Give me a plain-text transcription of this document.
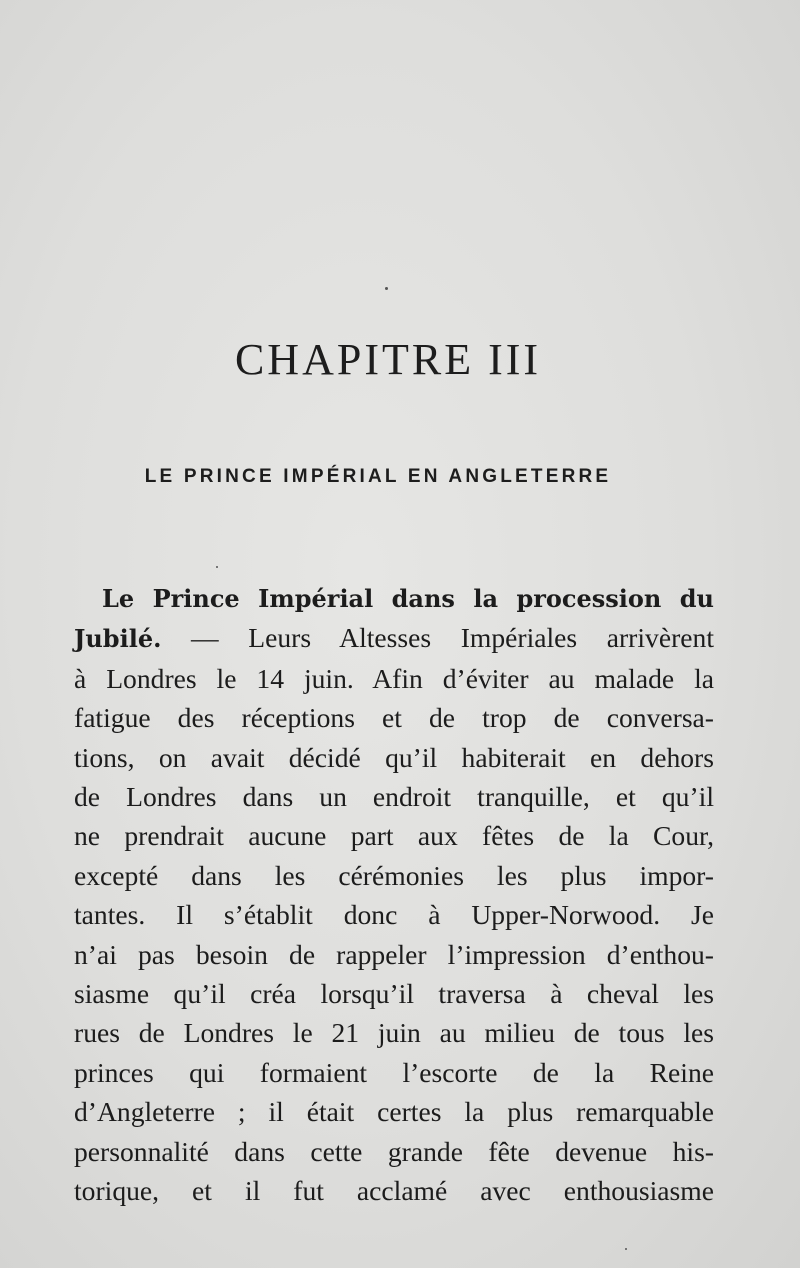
CHAPITRE III
LE PRINCE IMPÉRIAL EN ANGLETERRE
Le Prince Impérial dans la procession du
Jubilé. — Leurs Altesses Impériales arrivèrent
à Londres le 14 juin. Afin d’éviter au malade la
fatigue des réceptions et de trop de conversa-
tions, on avait décidé qu’il habiterait en dehors
de Londres dans un endroit tranquille, et qu’il
ne prendrait aucune part aux fêtes de la Cour,
excepté dans les cérémonies les plus impor-
tantes. Il s’établit donc à Upper-Norwood. Je
n’ai pas besoin de rappeler l’impression d’enthou-
siasme qu’il créa lorsqu’il traversa à cheval les
rues de Londres le 21 juin au milieu de tous les
princes qui formaient l’escorte de la Reine
d’Angleterre ; il était certes la plus remarquable
personnalité dans cette grande fête devenue his-
torique, et il fut acclamé avec enthousiasme
